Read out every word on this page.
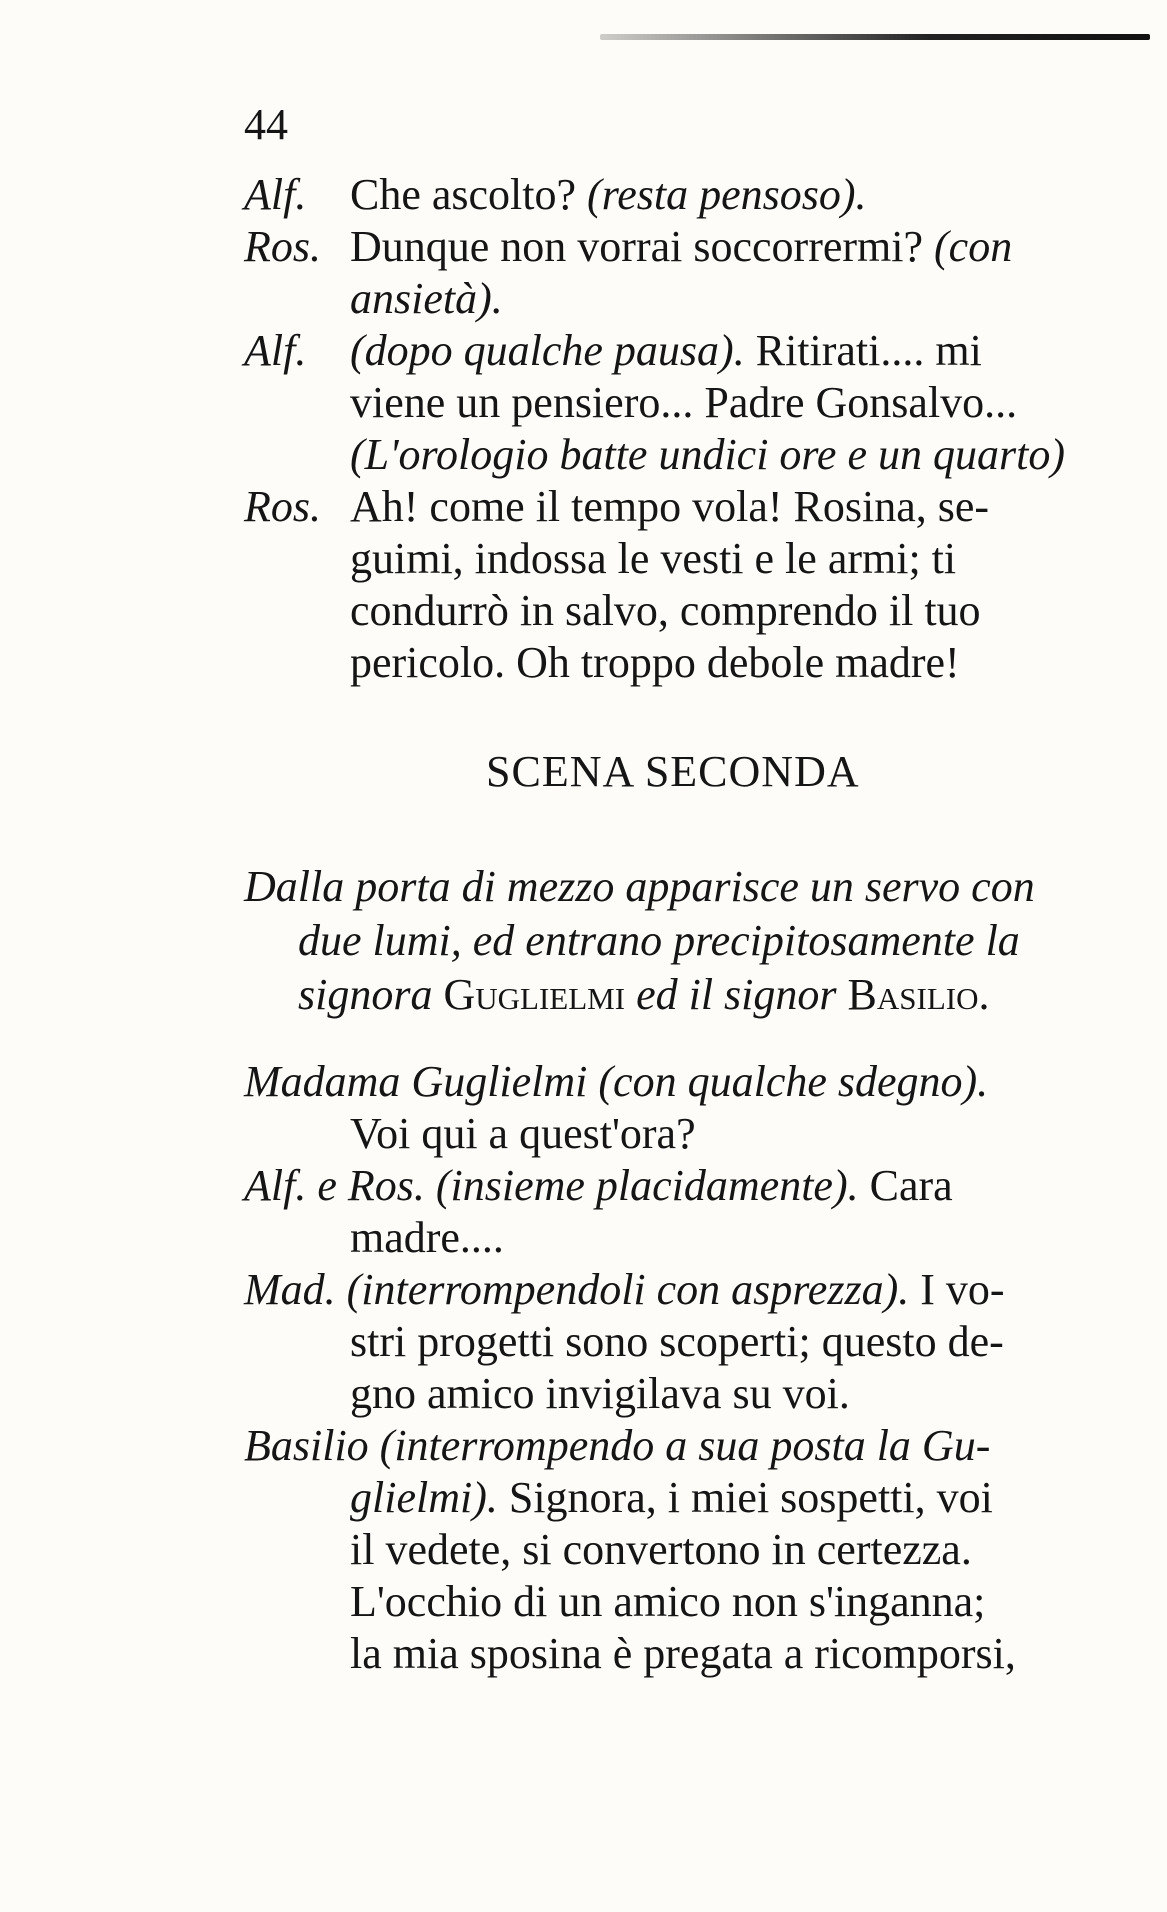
44
Alf. Che ascolto? (resta pensoso).
Ros. Dunque non vorrai soccorrermi? (con
ansietà).
Alf. (dopo qualche pausa). Ritirati.... mi
viene un pensiero... Padre Gonsalvo...
(L'orologio batte undici ore e un quarto)
Ros. Ah! come il tempo vola! Rosina, se-
guimi, indossa le vesti e le armi; ti
condurrò in salvo, comprendo il tuo
pericolo. Oh troppo debole madre!
SCENA SECONDA
Dalla porta di mezzo apparisce un servo con
due lumi, ed entrano precipitosamente la
signora Guglielmi ed il signor Basilio.
Madama Guglielmi (con qualche sdegno).
Voi qui a quest'ora?
Alf. e Ros. (insieme placidamente). Cara
madre....
Mad. (interrompendoli con asprezza). I vo-
stri progetti sono scoperti; questo de-
gno amico invigilava su voi.
Basilio (interrompendo a sua posta la Gu-
glielmi). Signora, i miei sospetti, voi
il vedete, si convertono in certezza.
L'occhio di un amico non s'inganna;
la mia sposina è pregata a ricomporsi,
